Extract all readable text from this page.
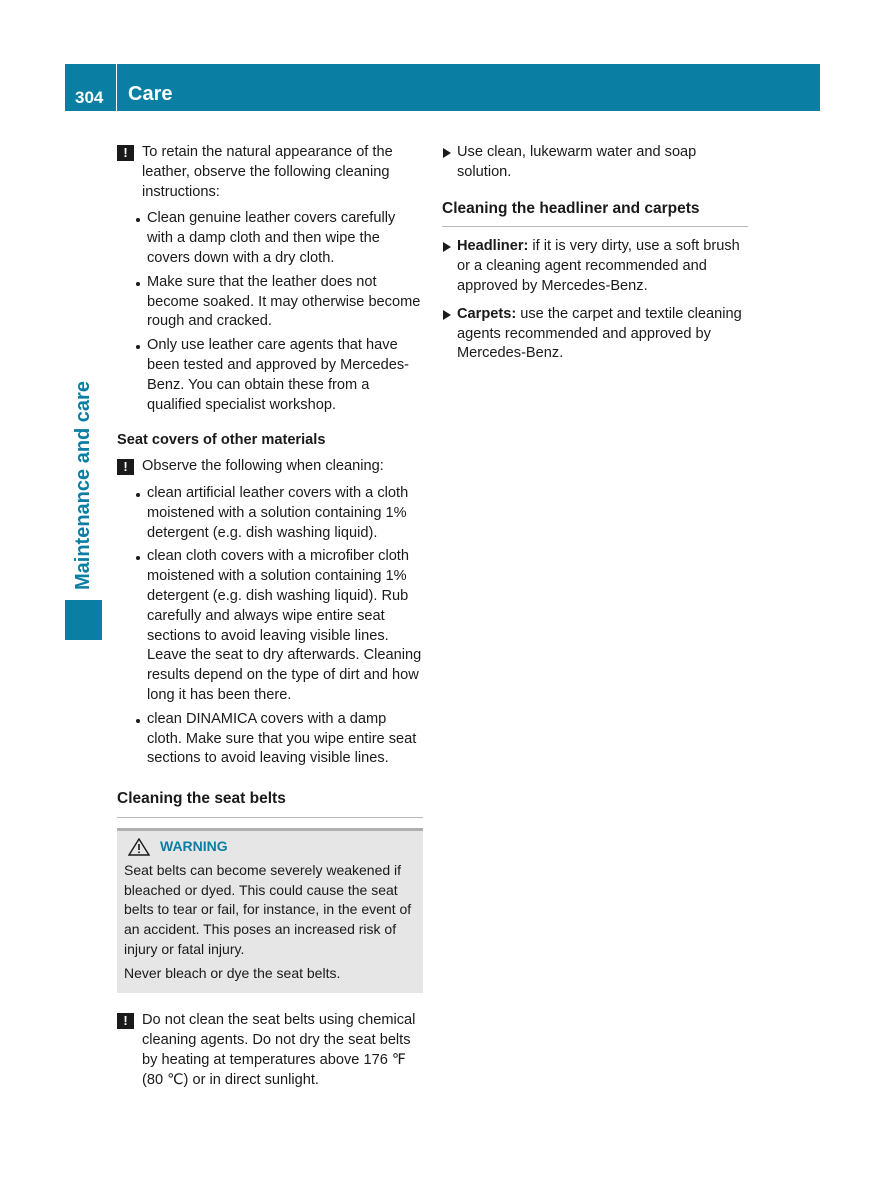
304 Care
Maintenance and care
! To retain the natural appearance of the leather, observe the following cleaning instructions:
Clean genuine leather covers carefully with a damp cloth and then wipe the covers down with a dry cloth.
Make sure that the leather does not become soaked. It may otherwise become rough and cracked.
Only use leather care agents that have been tested and approved by Mercedes-Benz. You can obtain these from a qualified specialist workshop.
Seat covers of other materials
! Observe the following when cleaning:
clean artificial leather covers with a cloth moistened with a solution containing 1% detergent (e.g. dish washing liquid).
clean cloth covers with a microfiber cloth moistened with a solution containing 1% detergent (e.g. dish washing liquid). Rub carefully and always wipe entire seat sections to avoid leaving visible lines. Leave the seat to dry afterwards. Cleaning results depend on the type of dirt and how long it has been there.
clean DINAMICA covers with a damp cloth. Make sure that you wipe entire seat sections to avoid leaving visible lines.
Cleaning the seat belts
WARNING

Seat belts can become severely weakened if bleached or dyed. This could cause the seat belts to tear or fail, for instance, in the event of an accident. This poses an increased risk of injury or fatal injury.

Never bleach or dye the seat belts.

! Do not clean the seat belts using chemical cleaning agents. Do not dry the seat belts by heating at temperatures above 176 ℉ (80 ℃) or in direct sunlight.
Use clean, lukewarm water and soap solution.
Cleaning the headliner and carpets
Headliner: if it is very dirty, use a soft brush or a cleaning agent recommended and approved by Mercedes-Benz.
Carpets: use the carpet and textile cleaning agents recommended and approved by Mercedes-Benz.
